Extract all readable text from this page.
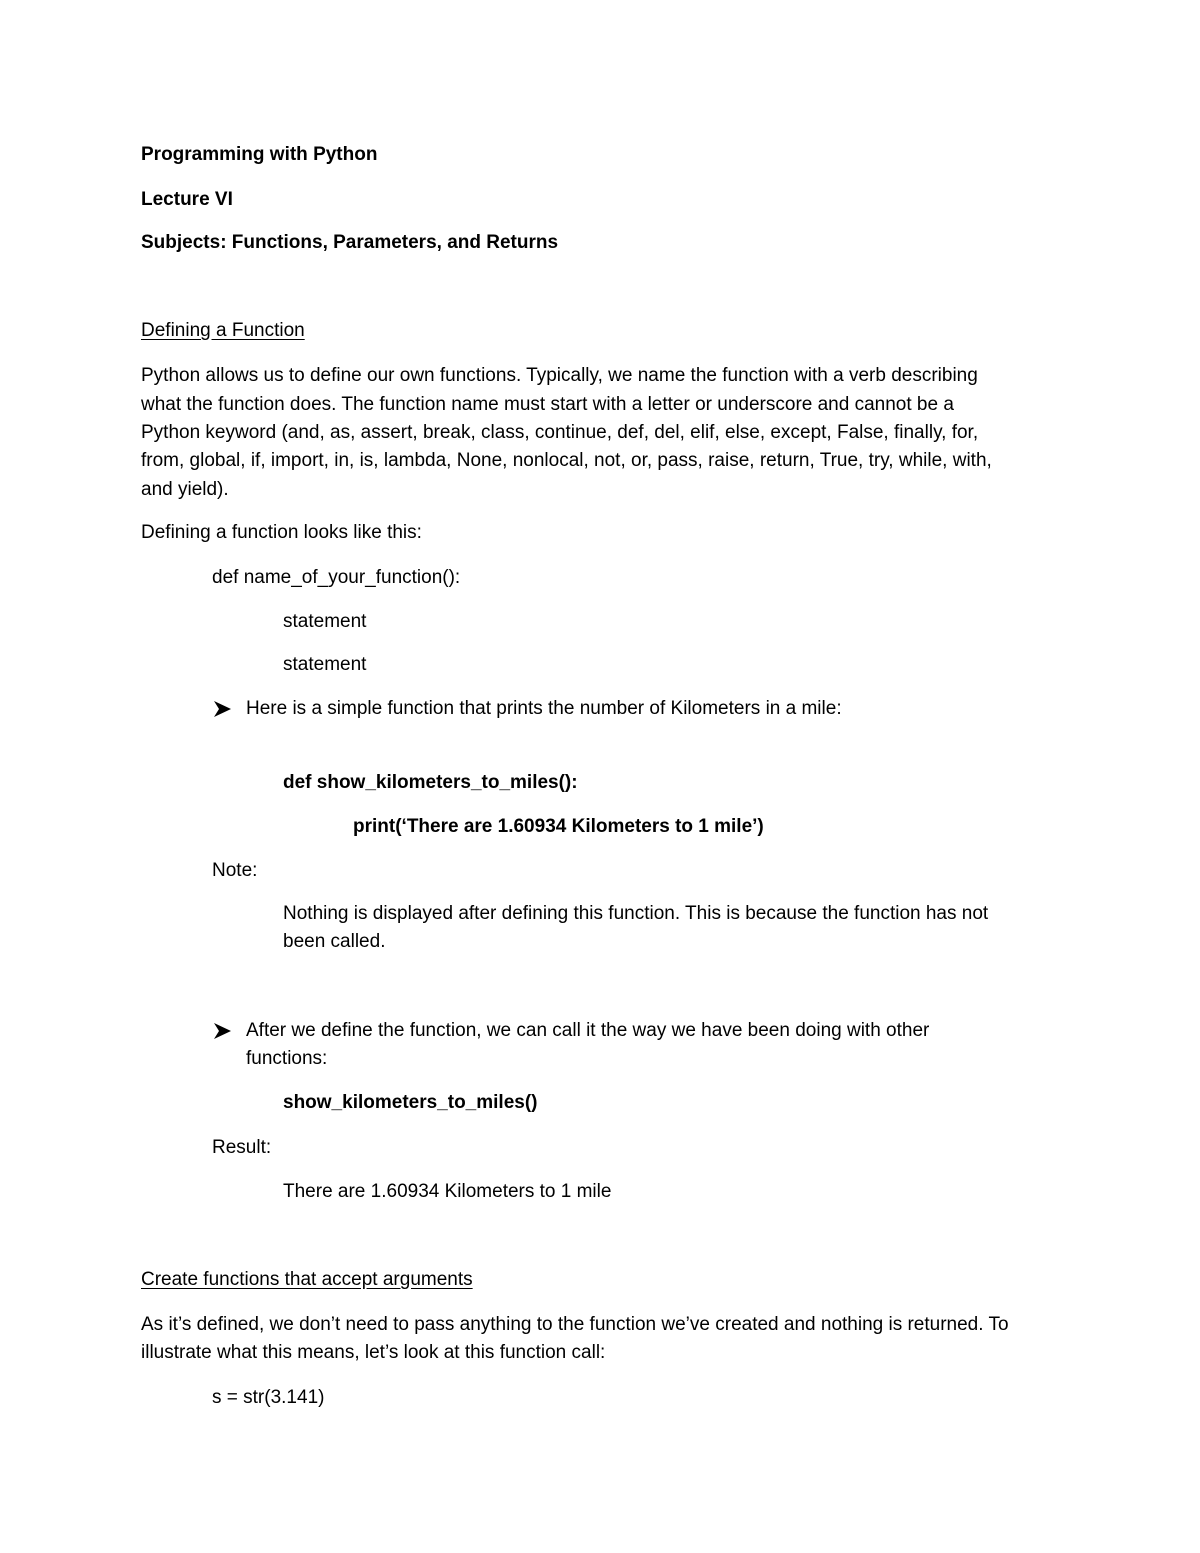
Programming with Python
Lecture VI
Subjects: Functions, Parameters, and Returns
Defining a Function
Python allows us to define our own functions. Typically, we name the function with a verb describing
what the function does. The function name must start with a letter or underscore and cannot be a
Python keyword (and, as, assert, break, class, continue, def, del, elif, else, except, False, finally, for,
from, global, if, import, in, is, lambda, None, nonlocal, not, or, pass, raise, return, True, try, while, with,
and yield).
Defining a function looks like this:
def name_of_your_function():
statement
statement
Here is a simple function that prints the number of Kilometers in a mile:
def show_kilometers_to_miles():
print(‘There are 1.60934 Kilometers to 1 mile’)
Note:
Nothing is displayed after defining this function. This is because the function has not
been called.
After we define the function, we can call it the way we have been doing with other
functions:
show_kilometers_to_miles()
Result:
There are 1.60934 Kilometers to 1 mile
Create functions that accept arguments
As it’s defined, we don’t need to pass anything to the function we’ve created and nothing is returned. To
illustrate what this means, let’s look at this function call:
s = str(3.141)
